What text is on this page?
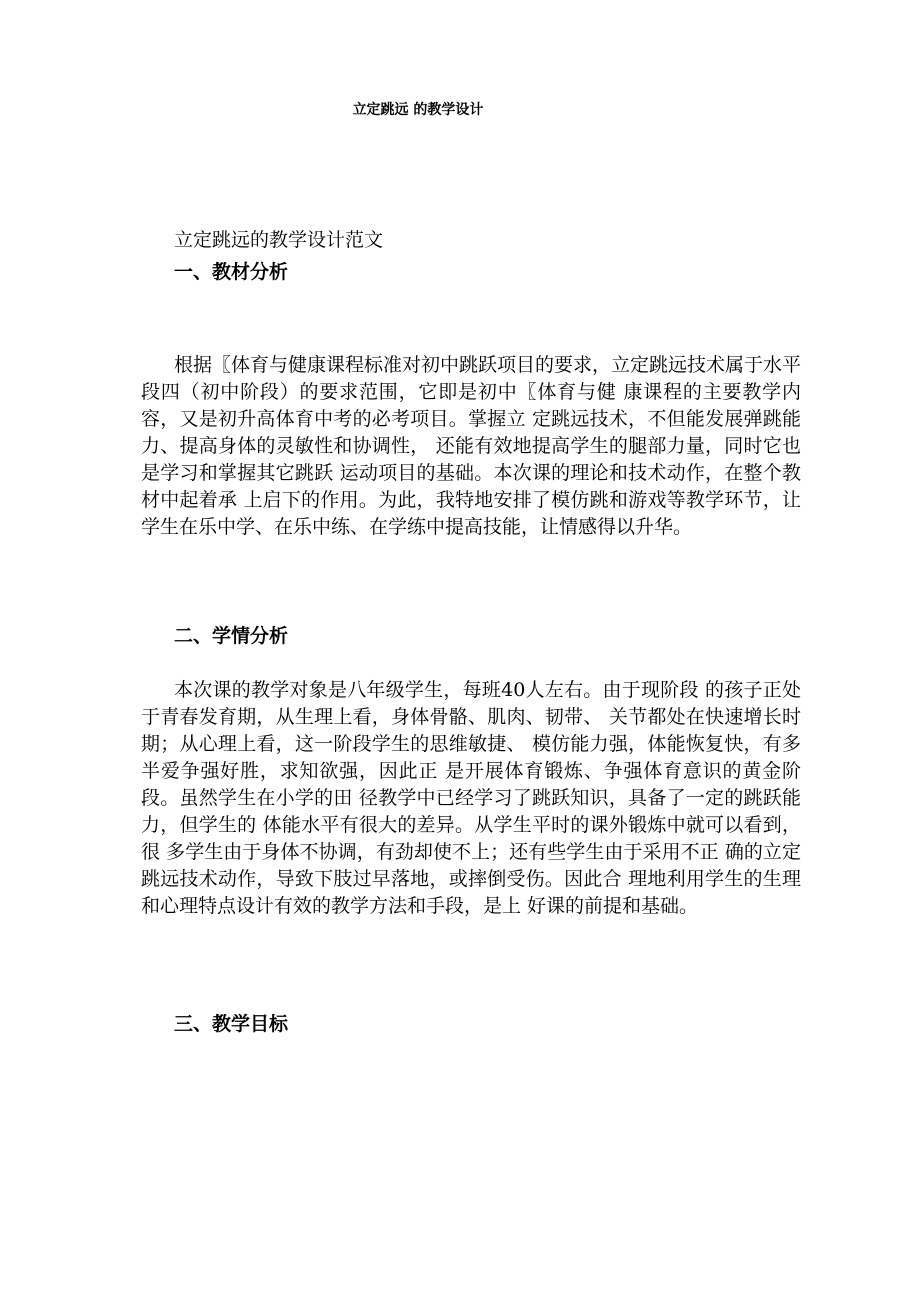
立定跳远 的教学设计
立定跳远的教学设计范文
一、教材分析

根据〖体育与健康课程标准对初中跳跃项目的要求，立定跳远技术属于水平段四（初中阶段）的要求范围，它即是初中〖体育与健 康课程的主要教学内容，又是初升高体育中考的必考项目。掌握立 定跳远技术，不但能发展弹跳能力、提高身体的灵敏性和协调性， 还能有效地提高学生的腿部力量，同时它也是学习和掌握其它跳跃 运动项目的基础。本次课的理论和技术动作，在整个教材中起着承 上启下的作用。为此，我特地安排了模仿跳和游戏等教学环节，让 学生在乐中学、在乐中练、在学练中提高技能，让情感得以升华。

二、学情分析

本次课的教学对象是八年级学生，每班40人左右。由于现阶段 的孩子正处于青春发育期，从生理上看，身体骨骼、肌肉、韧带、 关节都处在快速增长时期；从心理上看，这一阶段学生的思维敏捷、 模仿能力强，体能恢复快，有多半爱争强好胜，求知欲强，因此正 是开展体育锻炼、争强体育意识的黄金阶段。虽然学生在小学的田 径教学中已经学习了跳跃知识，具备了一定的跳跃能力，但学生的 体能水平有很大的差异。从学生平时的课外锻炼中就可以看到，很 多学生由于身体不协调，有劲却使不上；还有些学生由于采用不正 确的立定跳远技术动作，导致下肢过早落地，或摔倒受伤。因此合 理地利用学生的生理和心理特点设计有效的教学方法和手段，是上 好课的前提和基础。

三、教学目标
